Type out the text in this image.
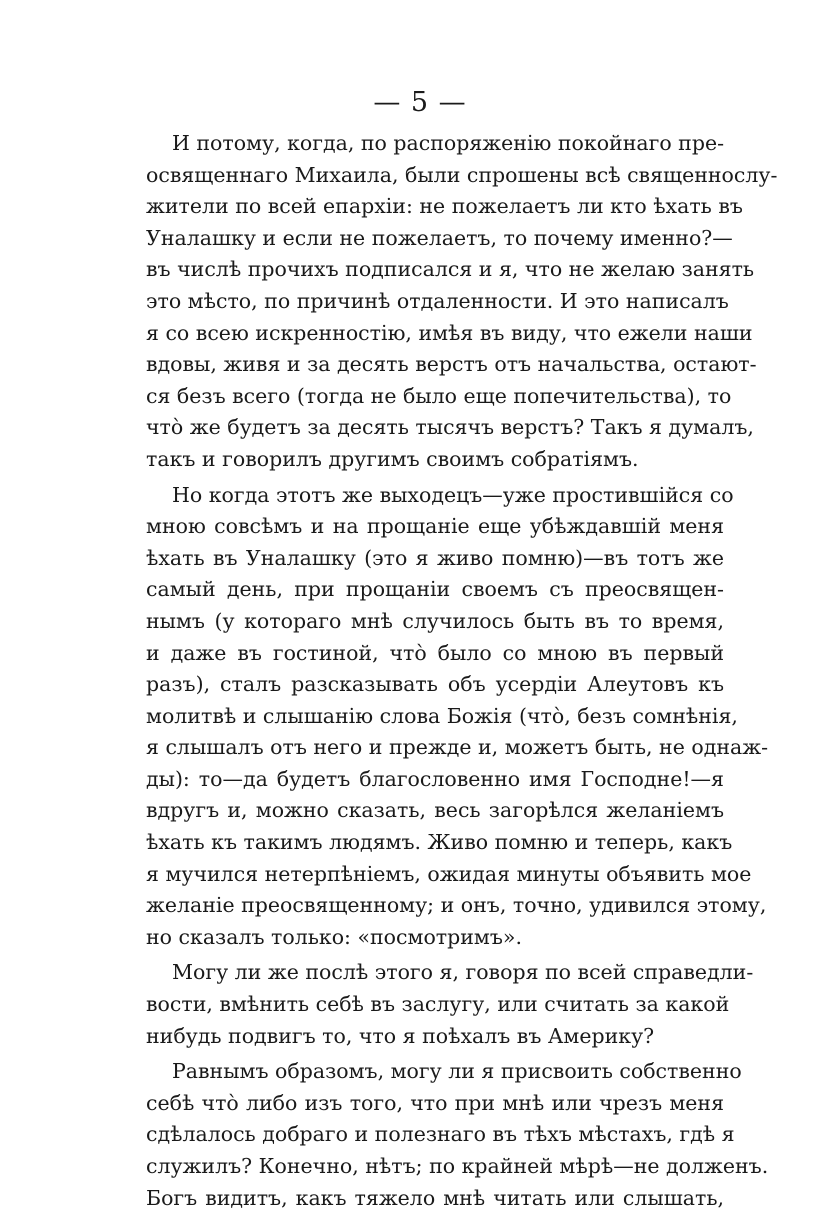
— 5 —
И потому, когда, по распоряженію покойнаго пре-
освященнаго Михаила, были спрошены всѣ священнослу-
жители по всей епархіи: не пожелаетъ ли кто ѣхать въ
Уналашку и если не пожелаетъ, то почему именно?—
въ числѣ прочихъ подписался и я, что не желаю занять
это мѣсто, по причинѣ отдаленности. И это написалъ
я со всею искренностію, имѣя въ виду, что ежели наши
вдовы, живя и за десять верстъ отъ начальства, остают-
ся безъ всего (тогда не было еще попечительства), то
что̀ же будетъ за десять тысячъ верстъ? Такъ я думалъ,
такъ и говорилъ другимъ своимъ собратіямъ.
Но когда этотъ же выходецъ—уже простившійся со
мною совсѣмъ и на прощаніе еще убѣждавшій меня
ѣхать въ Уналашку (это я живо помню)—въ тотъ же
самый день, при прощаніи своемъ съ преосвящен-
нымъ (у котораго мнѣ случилось быть въ то время,
и даже въ гостиной, что̀ было со мною въ первый
разъ), сталъ разсказывать объ усердіи Алеутовъ къ
молитвѣ и слышанію слова Божія (что̀, безъ сомнѣнія,
я слышалъ отъ него и прежде и, можетъ быть, не однаж-
ды): то—да будетъ благословенно имя Господне!—я
вдругъ и, можно сказать, весь загорѣлся желаніемъ
ѣхать къ такимъ людямъ. Живо помню и теперь, какъ
я мучился нетерпѣніемъ, ожидая минуты объявить мое
желаніе преосвященному; и онъ, точно, удивился этому,
но сказалъ только: «посмотримъ».
Могу ли же послѣ этого я, говоря по всей справедли-
вости, вмѣнить себѣ въ заслугу, или считать за какой
нибудь подвигъ то, что я поѣхалъ въ Америку?
Равнымъ образомъ, могу ли я присвоить собственно
себѣ что̀ либо изъ того, что при мнѣ или чрезъ меня
сдѣлалось добраго и полезнаго въ тѣхъ мѣстахъ, гдѣ я
служилъ? Конечно, нѣтъ; по крайней мѣрѣ—не долженъ.
Богъ видитъ, какъ тяжело мнѣ читать или слышать,
